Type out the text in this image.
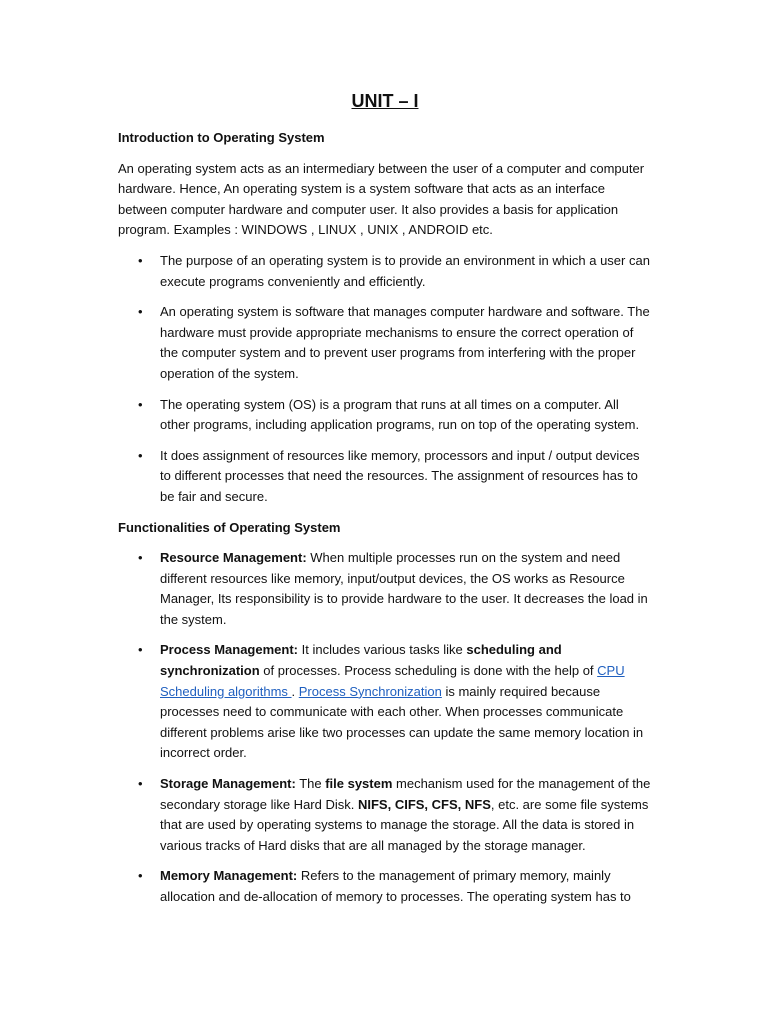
UNIT – I
Introduction to Operating System

An operating system acts as an intermediary between the user of a computer and computer hardware. Hence, An operating system is a system software that acts as an interface between computer hardware and computer user. It also provides a basis for application program. Examples : WINDOWS , LINUX , UNIX , ANDROID etc.

• The purpose of an operating system is to provide an environment in which a user can execute programs conveniently and efficiently.
• An operating system is software that manages computer hardware and software. The hardware must provide appropriate mechanisms to ensure the correct operation of the computer system and to prevent user programs from interfering with the proper operation of the system.
• The operating system (OS) is a program that runs at all times on a computer. All other programs, including application programs, run on top of the operating system.
• It does assignment of resources like memory, processors and input / output devices to different processes that need the resources. The assignment of resources has to be fair and secure.
Functionalities of Operating System
• Resource Management: When multiple processes run on the system and need different resources like memory, input/output devices, the OS works as Resource Manager, Its responsibility is to provide hardware to the user. It decreases the load in the system.
• Process Management: It includes various tasks like scheduling and synchronization of processes. Process scheduling is done with the help of CPU Scheduling algorithms . Process Synchronization is mainly required because processes need to communicate with each other. When processes communicate different problems arise like two processes can update the same memory location in incorrect order.
• Storage Management: The file system mechanism used for the management of the secondary storage like Hard Disk. NIFS, CIFS, CFS, NFS, etc. are some file systems that are used by operating systems to manage the storage. All the data is stored in various tracks of Hard disks that are all managed by the storage manager.
• Memory Management: Refers to the management of primary memory, mainly allocation and de-allocation of memory to processes. The operating system has to
